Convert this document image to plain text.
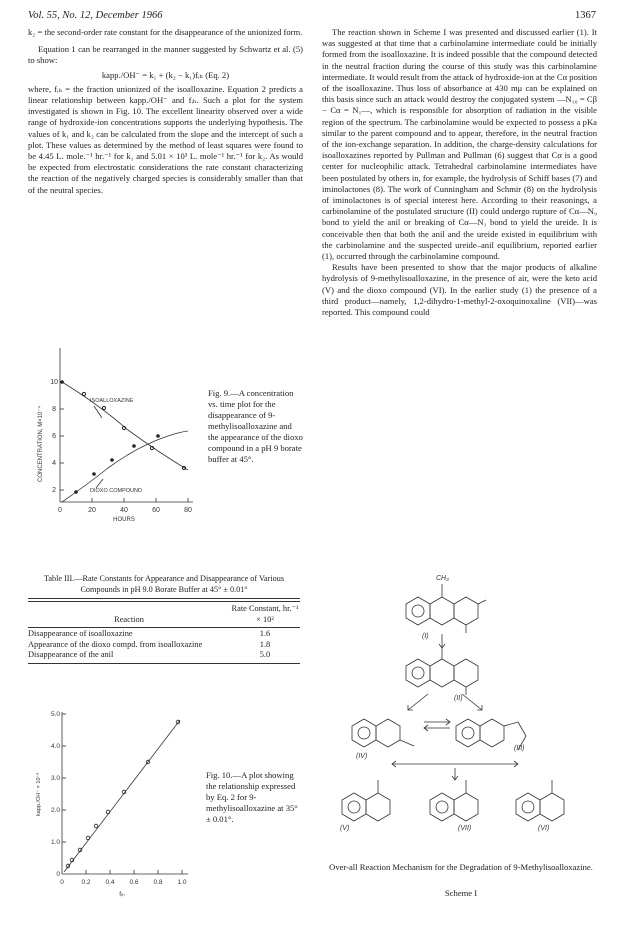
Vol. 55, No. 12, December 1966	1367

k₂ = the second-order rate constant for the disappearance of the unionized form.

Equation 1 can be rearranged in the manner suggested by Schwartz et al. (5) to show:

kapp./OH⁻ = k₁ + (k₂ − k₁)fᵢₕ (Eq. 2)

where, fᵢₕ = the fraction unionized of the isoalloxazine. Equation 2 predicts a linear relationship between kapp./OH⁻ and fᵢₕ. Such a plot for the system investigated is shown in Fig. 10. The excellent linearity observed over a wide range of hydroxide-ion concentrations supports the underlying hypothesis. The values of k₁ and k₂ can be calculated from the slope and the intercept of such a plot. These values as determined by the method of least squares were found to be 4.45 L. mole.⁻¹ hr.⁻¹ for k₁ and 5.01 × 10³ L. mole⁻¹ hr.⁻¹ for k₂. As would be expected from electrostatic considerations the rate constant characterizing the reaction of the negatively charged species is considerably smaller than that of the neutral species.

2
4
6
8
10
0	20	40	60	80
HOURS
ISOALLOXAZINE
DIOXO COMPOUND
CONCENTRATION, M×10⁻⁴
Fig. 9.—A concentration vs. time plot for the disappearance of 9-methylisoalloxazine and the appearance of the dioxo compound in a pH 9 borate buffer at 45°.
Table III.—Rate Constants for Appearance and Disappearance of Various Compounds in pH 9.0 Borate Buffer at 45° ± 0.01°
Reaction	Rate Constant, hr.⁻¹ × 10²
Disappearance of isoalloxazine	1.6
Appearance of the dioxo compd. from isoalloxazine	1.8
Disappearance of the anil	5.0
0
1.0
2.0
3.0
4.0
5.0
0	0.2 0.4 0.6 0.8 1.0
fᵢₕ
kapp./OH⁻ × 10⁻³	Fig. 10.—A plot showing the relationship expressed by Eq. 2 for 9-methylisoalloxazine at 35° ± 0.01°.

The reaction shown in Scheme I was presented and discussed earlier (1). It was suggested at that time that a carbinolamine intermediate could be initially formed from the isoalloxazine. It is indeed possible that the compound detected in the neutral fraction during the course of this study was this carbinolamine intermediate. It would result from the attack of hydroxide-ion at the Cα position of the isoalloxazine. Thus loss of absorbance at 430 mμ can be explained on this basis since such an attack would destroy the conjugated system —N₁₀ = Cβ − Cα = N₁—, which is responsible for absorption of radiation in the visible region of the spectrum. The carbinolamine would be expected to possess a pKa similar to the parent compound and to appear, therefore, in the neutral fraction of the ion-exchange separation. In addition, the charge-density calculations for isoalloxazines reported by Pullman and Pullman (6) suggest that Cα is a good center for nucleophilic attack. Tetrahedral carbinolamine intermediates have been postulated by others in, for example, the hydrolysis of Schiff bases (7) and iminolactones (8). The work of Cunningham and Schmir (8) on the hydrolysis of iminolactones is of special interest here. According to their reasonings, a carbinolamine of the postulated structure (II) could undergo rupture of Cα—N₉ bond to yield the anil or breaking of Cα—N₁ bond to yield the ureide. It is conceivable then that both the anil and the ureide existed in equilibrium with the carbinolamine and the suspected ureide–anil equilibrium, reported earlier (1), occurred through the carbinolamine compound.

Results have been presented to show that the major products of alkaline hydrolysis of 9-methylisoalloxazine, in the presence of air, were the keto acid (V) and the dioxo compound (VI). In the earlier study (1) the presence of a third product—namely, 1,2-dihydro-1-methyl-2-oxoquinoxaline (VII)—was reported. This compound could

CH₃
(I)
(II)
(III)
(IV)
(V)	(VI)
(VII)
Over-all Reaction Mechanism for the Degradation of 9-Methylisoalloxazine.
Scheme I
